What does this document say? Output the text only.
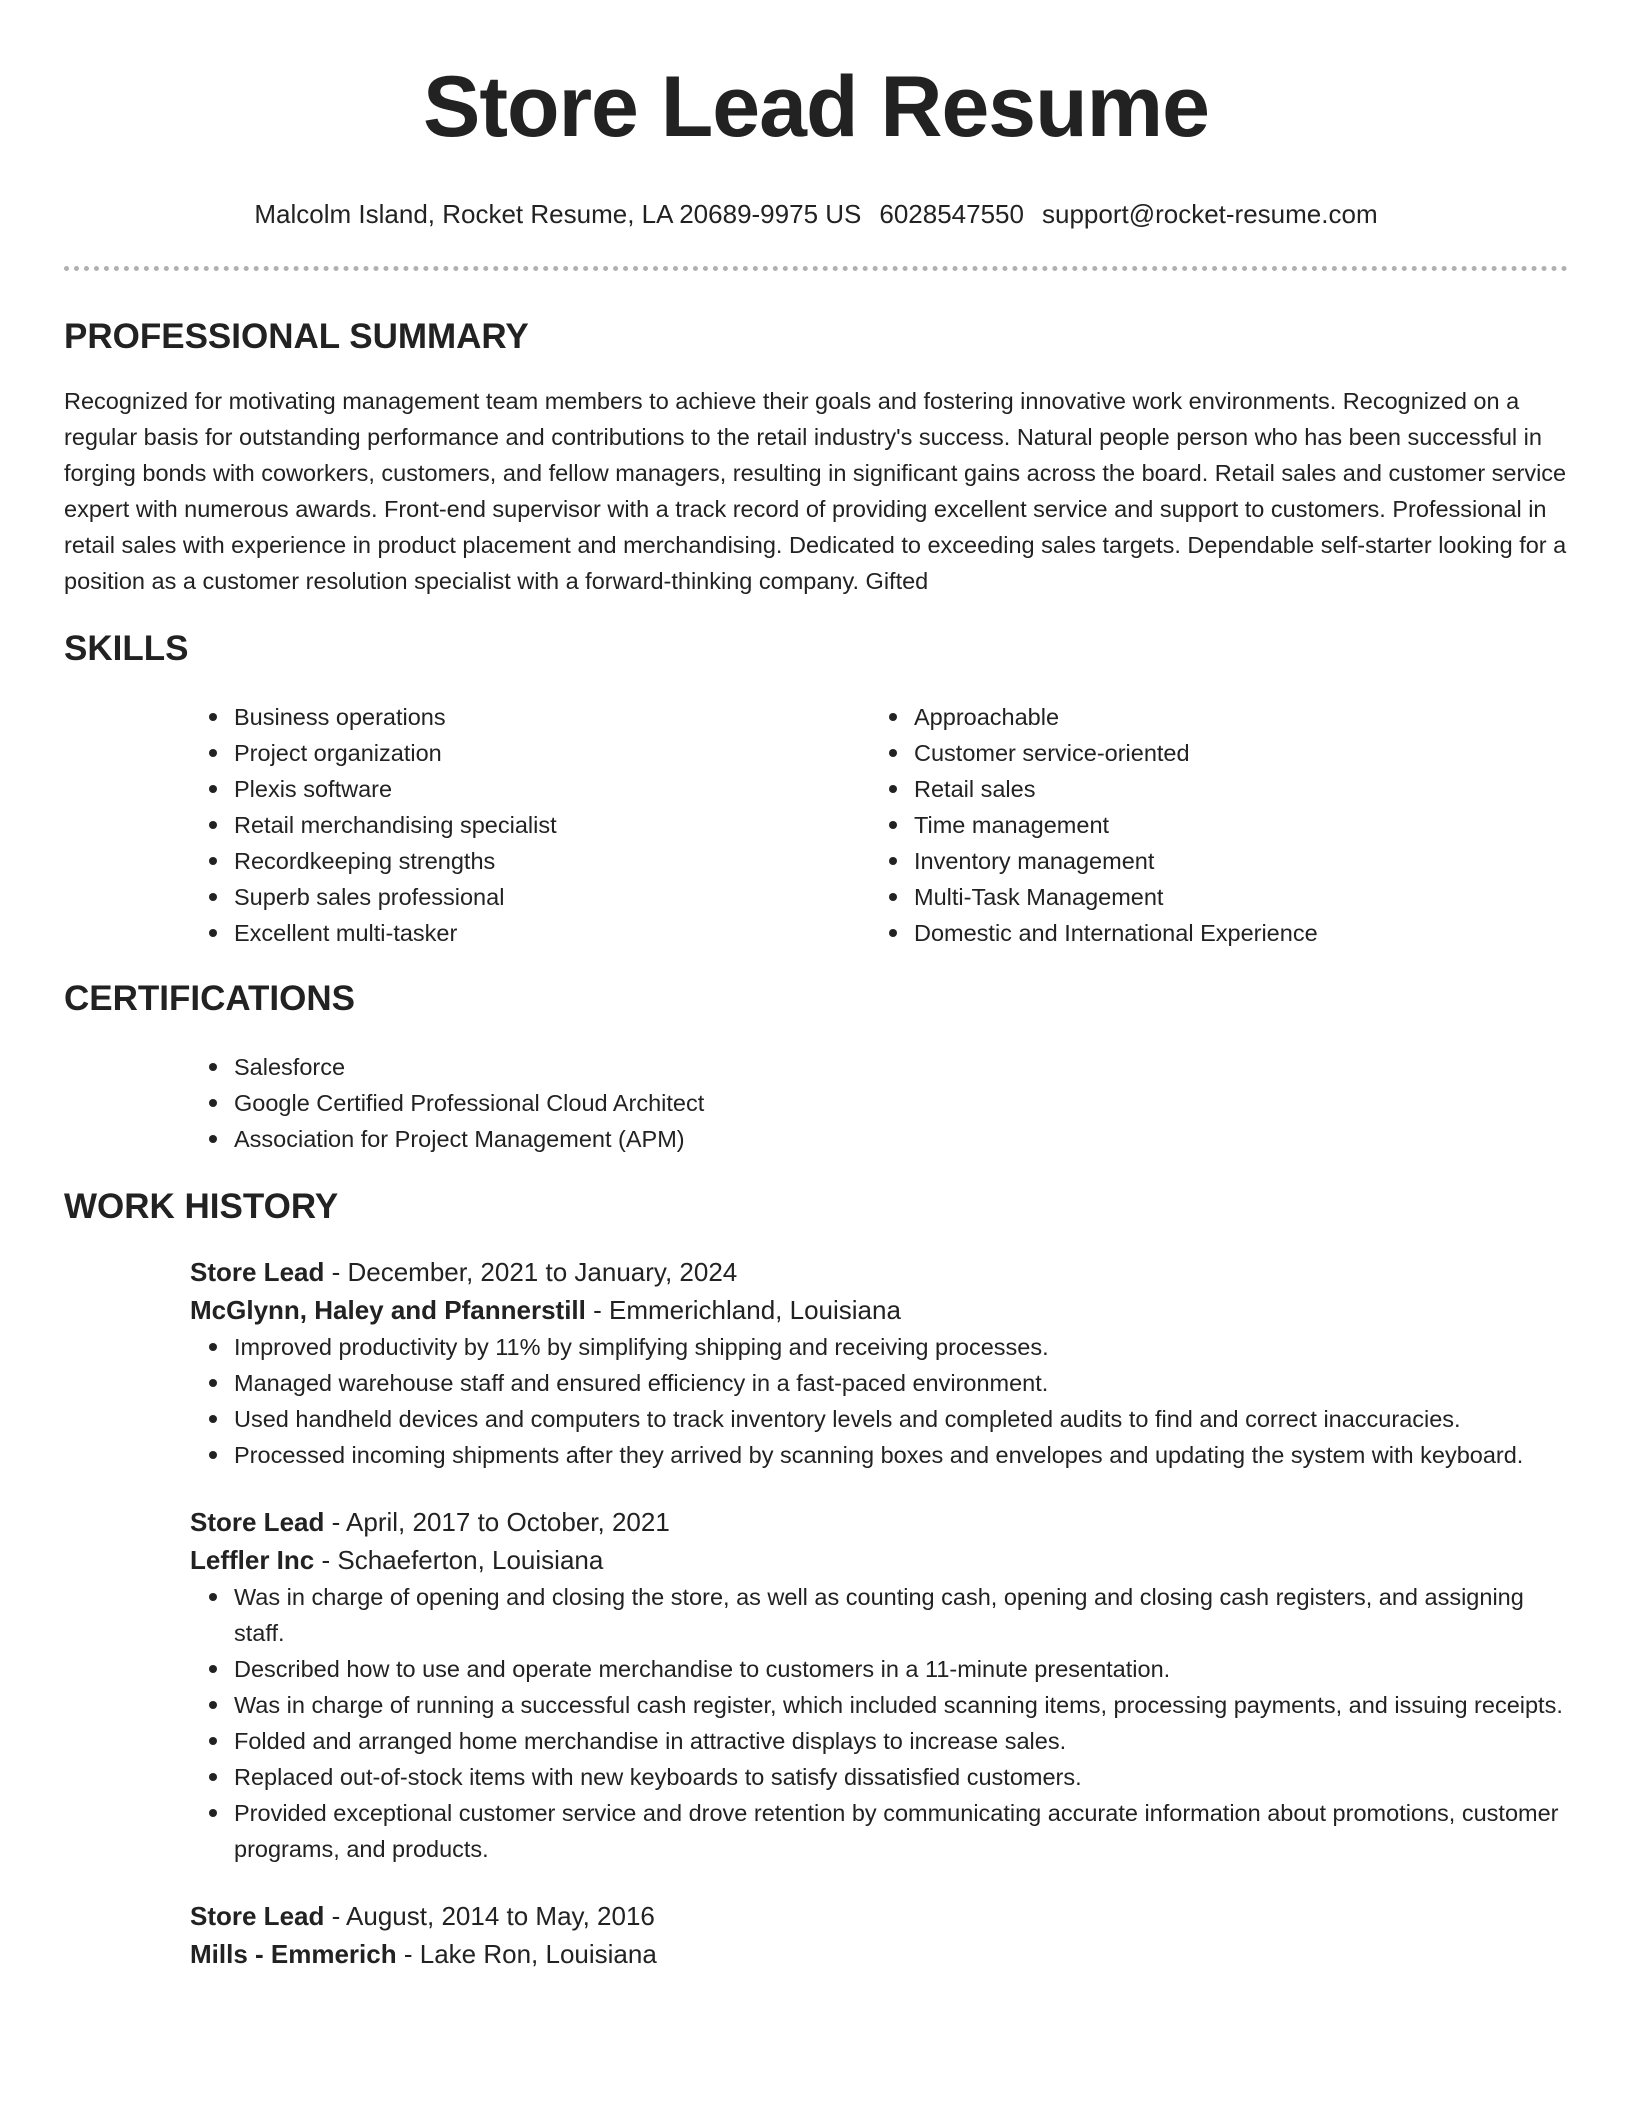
Store Lead Resume
Malcolm Island, Rocket Resume, LA 20689-9975 US 6028547550 support@rocket-resume.com
PROFESSIONAL SUMMARY

Recognized for motivating management team members to achieve their goals and fostering innovative work environments. Recognized on a regular basis for outstanding performance and contributions to the retail industry's success. Natural people person who has been successful in forging bonds with coworkers, customers, and fellow managers, resulting in significant gains across the board. Retail sales and customer service expert with numerous awards. Front-end supervisor with a track record of providing excellent service and support to customers. Professional in retail sales with experience in product placement and merchandising. Dedicated to exceeding sales targets. Dependable self-starter looking for a position as a customer resolution specialist with a forward-thinking company. Gifted

SKILLS
Business operations
Project organization
Plexis software
Retail merchandising specialist
Recordkeeping strengths
Superb sales professional
Excellent multi-tasker
Approachable
Customer service-oriented
Retail sales
Time management
Inventory management
Multi-Task Management
Domestic and International Experience
CERTIFICATIONS
Salesforce
Google Certified Professional Cloud Architect
Association for Project Management (APM)
WORK HISTORY
Store Lead - December, 2021 to January, 2024
McGlynn, Haley and Pfannerstill - Emmerichland, Louisiana
Improved productivity by 11% by simplifying shipping and receiving processes.
Managed warehouse staff and ensured efficiency in a fast-paced environment.
Used handheld devices and computers to track inventory levels and completed audits to find and correct inaccuracies.
Processed incoming shipments after they arrived by scanning boxes and envelopes and updating the system with keyboard.
Store Lead - April, 2017 to October, 2021
Leffler Inc - Schaeferton, Louisiana
Was in charge of opening and closing the store, as well as counting cash, opening and closing cash registers, and assigning staff.
Described how to use and operate merchandise to customers in a 11-minute presentation.
Was in charge of running a successful cash register, which included scanning items, processing payments, and issuing receipts.
Folded and arranged home merchandise in attractive displays to increase sales.
Replaced out-of-stock items with new keyboards to satisfy dissatisfied customers.
Provided exceptional customer service and drove retention by communicating accurate information about promotions, customer programs, and products.
Store Lead - August, 2014 to May, 2016
Mills - Emmerich - Lake Ron, Louisiana
